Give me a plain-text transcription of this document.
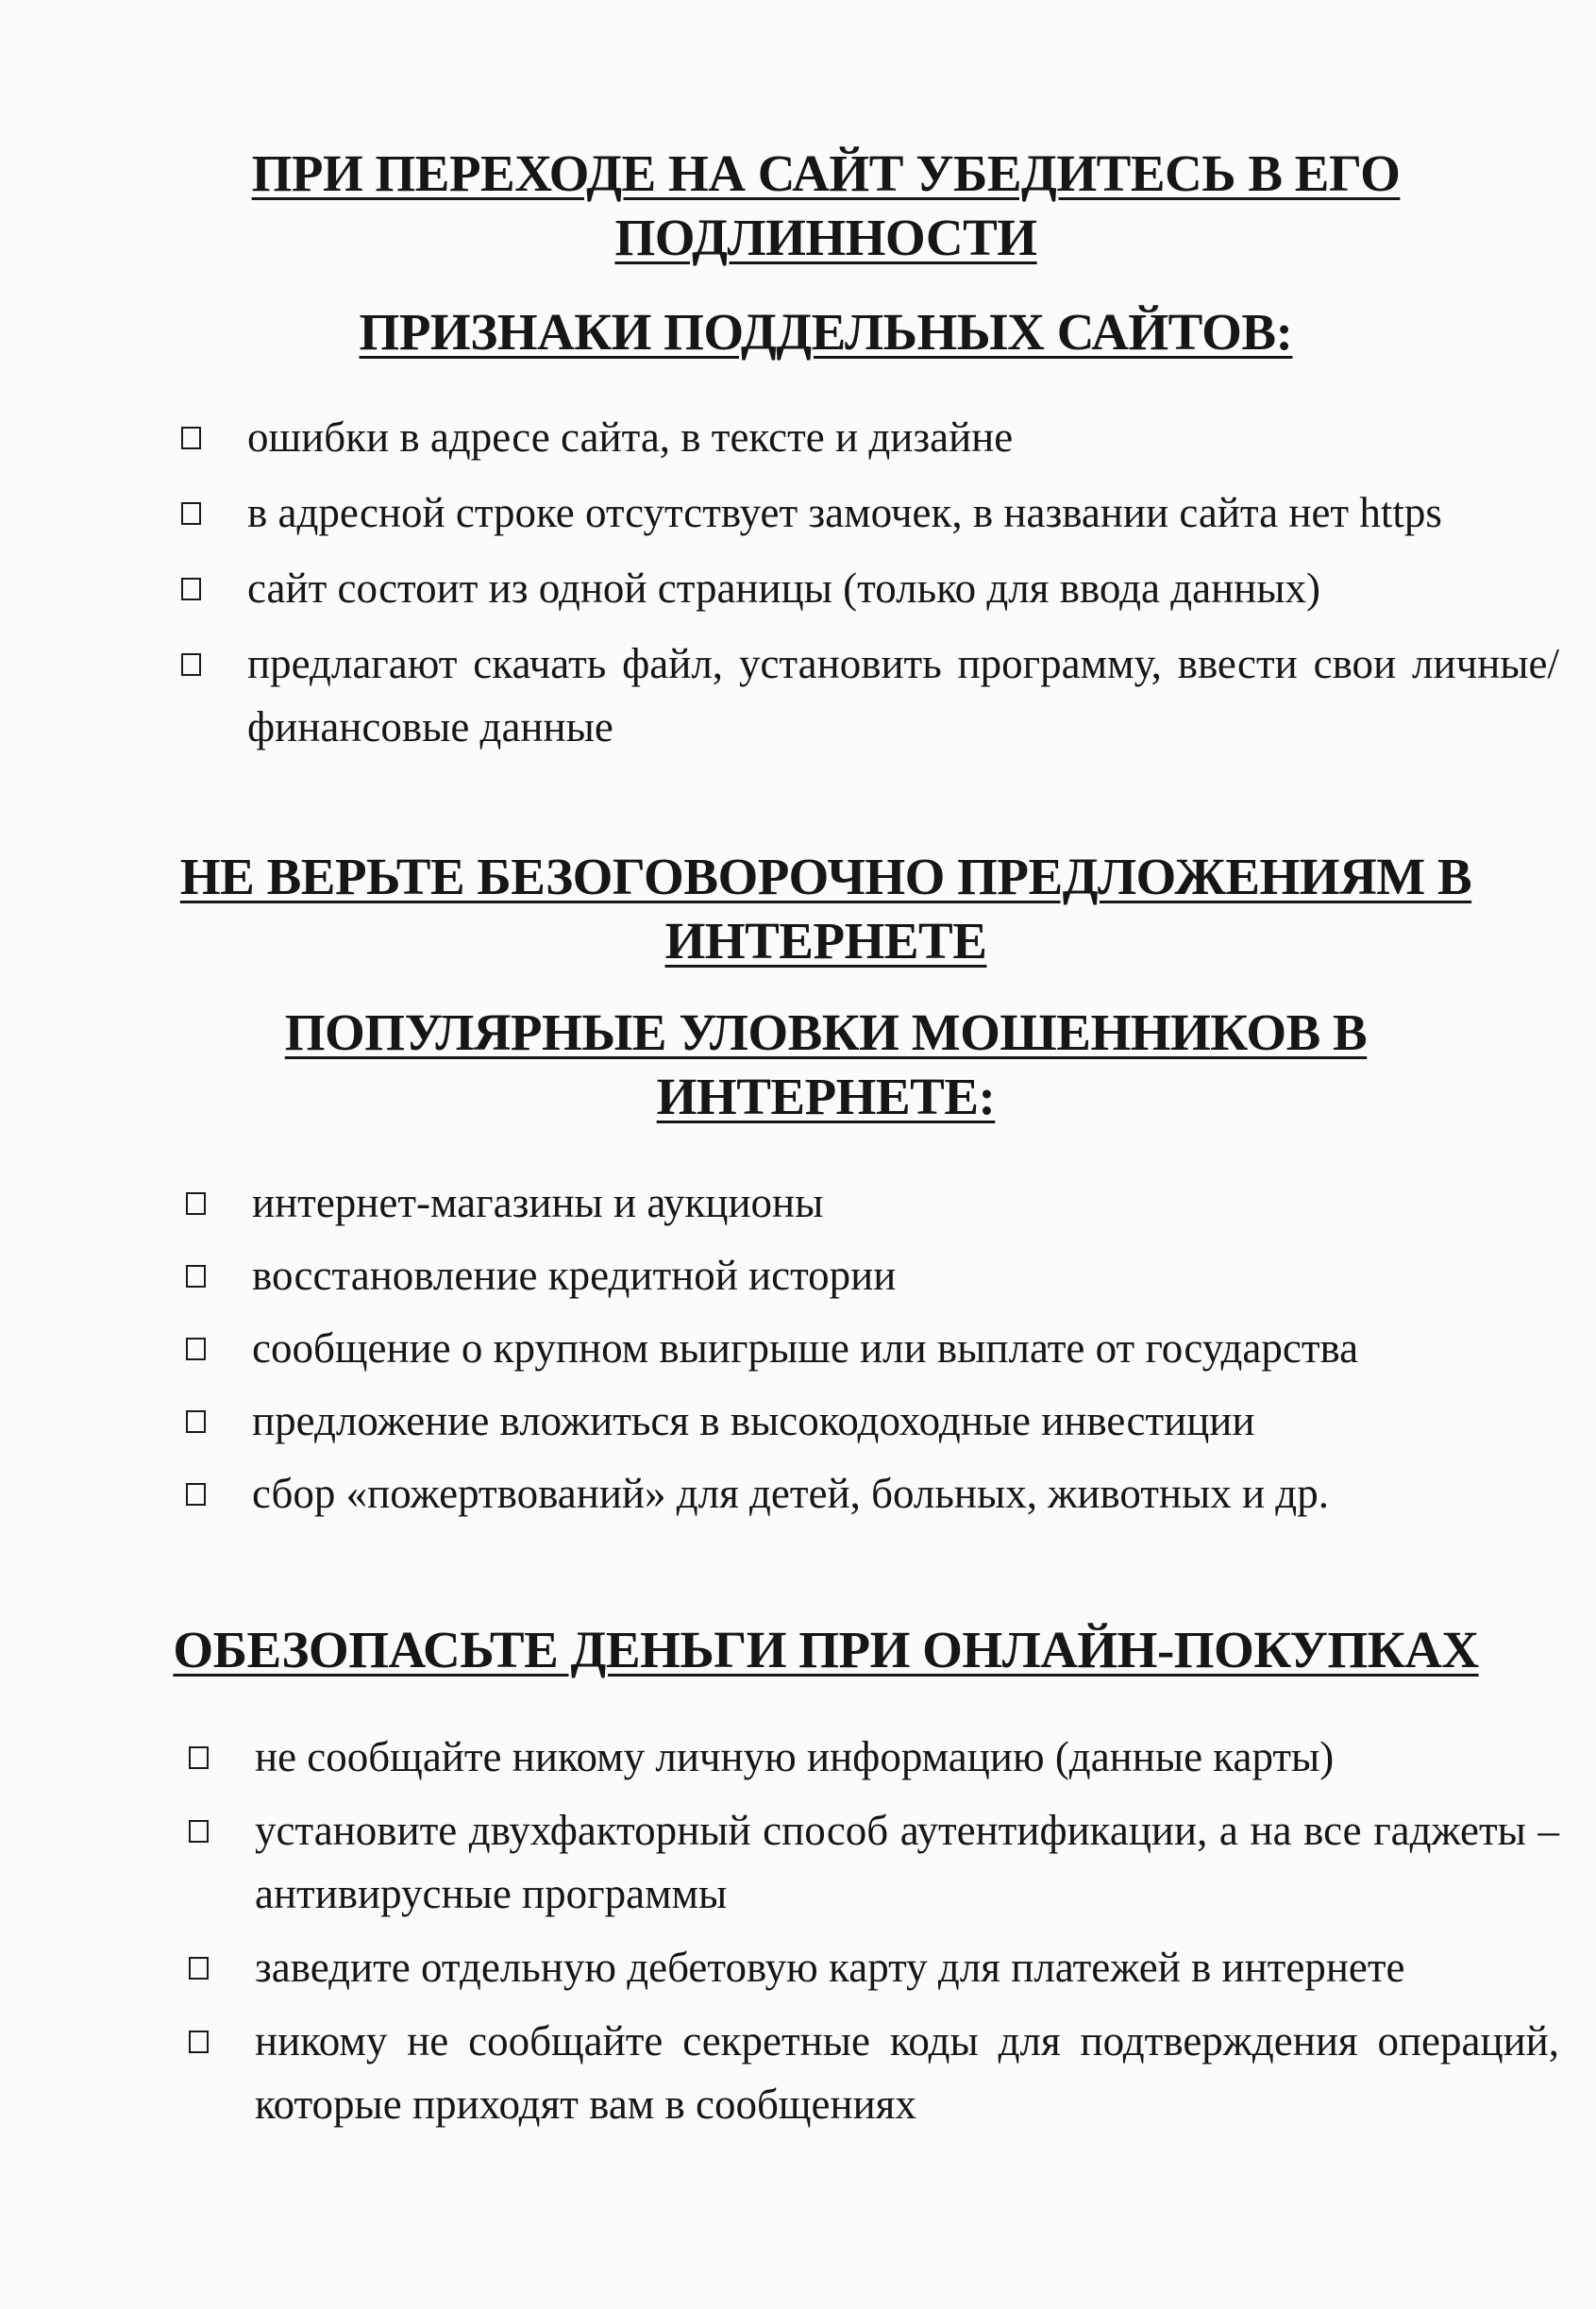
ПРИ ПЕРЕХОДЕ НА САЙТ УБЕДИТЕСЬ В ЕГО
ПОДЛИННОСТИ
ПРИЗНАКИ ПОДДЕЛЬНЫХ САЙТОВ:
ошибки в адресе сайта, в тексте и дизайне
в адресной строке отсутствует замочек, в названии сайта нет https
сайт состоит из одной страницы (только для ввода данных)
предлагают скачать файл, установить программу, ввести свои личные/финансовые данные
НЕ ВЕРЬТЕ БЕЗОГОВОРОЧНО ПРЕДЛОЖЕНИЯМ В
ИНТЕРНЕТЕ
ПОПУЛЯРНЫЕ УЛОВКИ МОШЕННИКОВ В
ИНТЕРНЕТЕ:
интернет-магазины и аукционы
восстановление кредитной истории
сообщение о крупном выигрыше или выплате от государства
предложение вложиться в высокодоходные инвестиции
сбор «пожертвований» для детей, больных, животных и др.
ОБЕЗОПАСЬТЕ ДЕНЬГИ ПРИ ОНЛАЙН-ПОКУПКАХ
не сообщайте никому личную информацию (данные карты)
установите двухфакторный способ аутентификации, а на все гаджеты – антивирусные программы
заведите отдельную дебетовую карту для платежей в интернете
никому не сообщайте секретные коды для подтверждения операций, которые приходят вам в сообщениях
